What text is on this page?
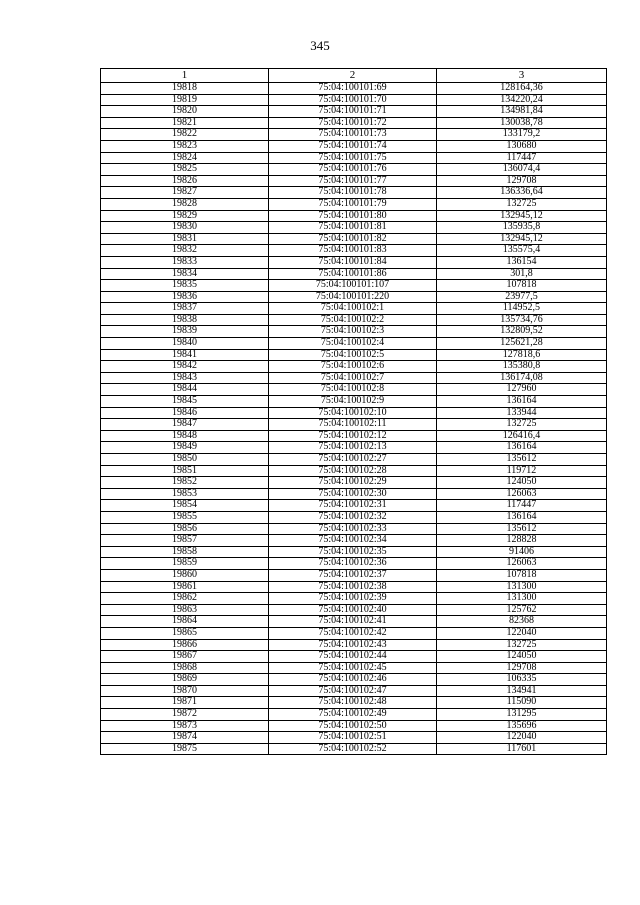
345
1	2	3
19818	75:04:100101:69	128164,36
19819	75:04:100101:70	134220,24
19820	75:04:100101:71	134981,84
19821	75:04:100101:72	130038,78
19822	75:04:100101:73	133179,2
19823	75:04:100101:74	130680
19824	75:04:100101:75	117447
19825	75:04:100101:76	136074,4
19826	75:04:100101:77	129708
19827	75:04:100101:78	136336,64
19828	75:04:100101:79	132725
19829	75:04:100101:80	132945,12
19830	75:04:100101:81	135935,8
19831	75:04:100101:82	132945,12
19832	75:04:100101:83	135575,4
19833	75:04:100101:84	136154
19834	75:04:100101:86	301,8
19835	75:04:100101:107	107818
19836	75:04:100101:220	23977,5
19837	75:04:100102:1	114952,5
19838	75:04:100102:2	135734,76
19839	75:04:100102:3	132809,52
19840	75:04:100102:4	125621,28
19841	75:04:100102:5	127818,6
19842	75:04:100102:6	135380,8
19843	75:04:100102:7	136174,08
19844	75:04:100102:8	127960
19845	75:04:100102:9	136164
19846	75:04:100102:10	133944
19847	75:04:100102:11	132725
19848	75:04:100102:12	126416,4
19849	75:04:100102:13	136164
19850	75:04:100102:27	135612
19851	75:04:100102:28	119712
19852	75:04:100102:29	124050
19853	75:04:100102:30	126063
19854	75:04:100102:31	117447
19855	75:04:100102:32	136164
19856	75:04:100102:33	135612
19857	75:04:100102:34	128828
19858	75:04:100102:35	91406
19859	75:04:100102:36	126063
19860	75:04:100102:37	107818
19861	75:04:100102:38	131300
19862	75:04:100102:39	131300
19863	75:04:100102:40	125762
19864	75:04:100102:41	82368
19865	75:04:100102:42	122040
19866	75:04:100102:43	132725
19867	75:04:100102:44	124050
19868	75:04:100102:45	129708
19869	75:04:100102:46	106335
19870	75:04:100102:47	134941
19871	75:04:100102:48	115090
19872	75:04:100102:49	131295
19873	75:04:100102:50	135696
19874	75:04:100102:51	122040
19875	75:04:100102:52	117601
